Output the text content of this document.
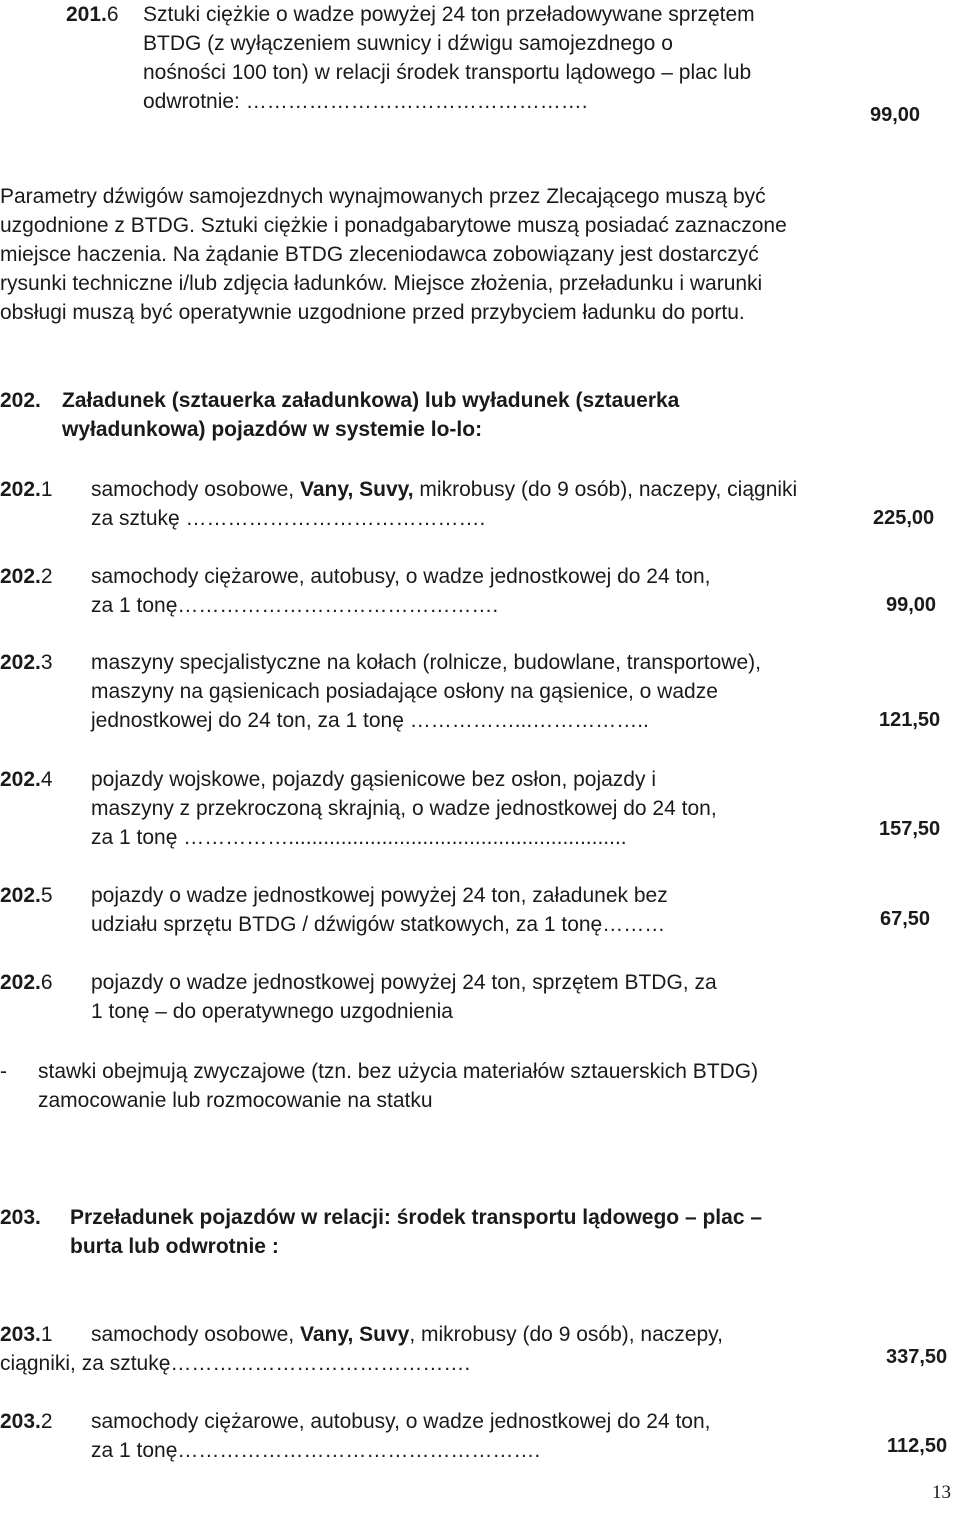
201.6 Sztuki ciężkie o wadze powyżej 24 ton przeładowywane sprzętem
BTDG (z wyłączeniem suwnicy i dźwigu samojezdnego o
nośności 100 ton) w relacji środek transportu lądowego – plac lub
odwrotnie: ………………………………………….
99,00
Parametry dźwigów samojezdnych wynajmowanych przez Zlecającego muszą być
uzgodnione z BTDG. Sztuki ciężkie i ponadgabarytowe muszą posiadać zaznaczone
miejsce haczenia. Na żądanie BTDG zleceniodawca zobowiązany jest dostarczyć
rysunki techniczne i/lub zdjęcia ładunków. Miejsce złożenia, przeładunku i warunki
obsługi muszą być operatywnie uzgodnione przed przybyciem ładunku do portu.
202. Załadunek (sztauerka załadunkowa) lub wyładunek (sztauerka
wyładunkowa) pojazdów w systemie lo-lo:
202.1 samochody osobowe, Vany, Suvy, mikrobusy (do 9 osób), naczepy, ciągniki
za sztukę …………………………………….	225,00
202.2 samochody ciężarowe, autobusy, o wadze jednostkowej do 24 ton,
za 1 tonę……………………………………….	99,00
202.3 maszyny specjalistyczne na kołach (rolnicze, budowlane, transportowe),
maszyny na gąsienicach posiadające osłony na gąsienice, o wadze
jednostkowej do 24 ton, za 1 tonę ……………...……………..	121,50
202.4 pojazdy wojskowe, pojazdy gąsienicowe bez osłon, pojazdy i
maszyny z przekroczoną skrajnią, o wadze jednostkowej do 24 ton,
za 1 tonę ……………..........................................................	157,50
202.5 pojazdy o wadze jednostkowej powyżej 24 ton, załadunek bez
udziału sprzętu BTDG / dźwigów statkowych, za 1 tonę………	67,50
202.6 pojazdy o wadze jednostkowej powyżej 24 ton, sprzętem BTDG, za
1 tonę – do operatywnego uzgodnienia
- stawki obejmują zwyczajowe (tzn. bez użycia materiałów sztauerskich BTDG)
zamocowanie lub rozmocowanie na statku
203. Przeładunek pojazdów w relacji: środek transportu lądowego – plac –
burta lub odwrotnie :
203.1 samochody osobowe, Vany, Suvy, mikrobusy (do 9 osób), naczepy,
ciągniki, za sztukę…………………………………….	337,50
203.2 samochody ciężarowe, autobusy, o wadze jednostkowej do 24 ton,
za 1 tonę…………………………………………….	112,50
13
